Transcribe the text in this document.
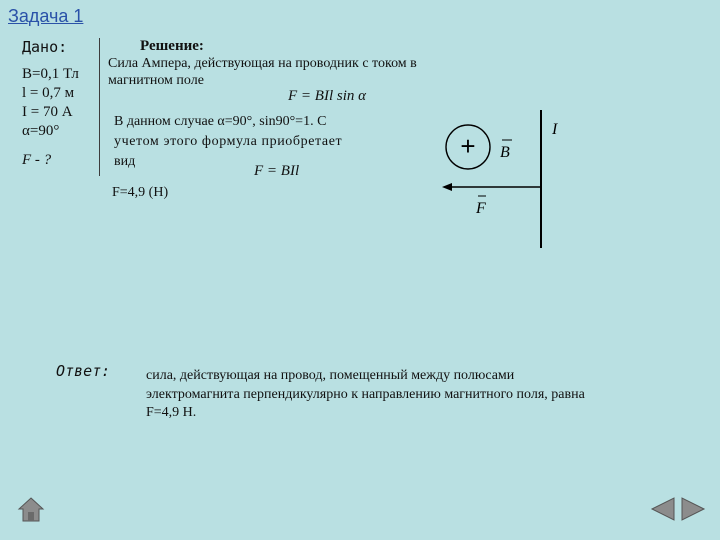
Задача 1
Дано:
B=0,1 Тл
l = 0,7 м
I = 70 А
α=90°
F - ?
Решение:
Сила Ампера, действующая на проводник с током в
магнитном поле
F = BIl sin α
В данном случае α=90°, sin90°=1. С
учетом этого формула приобретает
вид
F = BIl
F=4,9 (Н)
+ B
I
F
Ответ:	сила, действующая на провод, помещенный между полюсами
электромагнита перпендикулярно к направлению магнитного поля, равна
F=4,9 Н.
